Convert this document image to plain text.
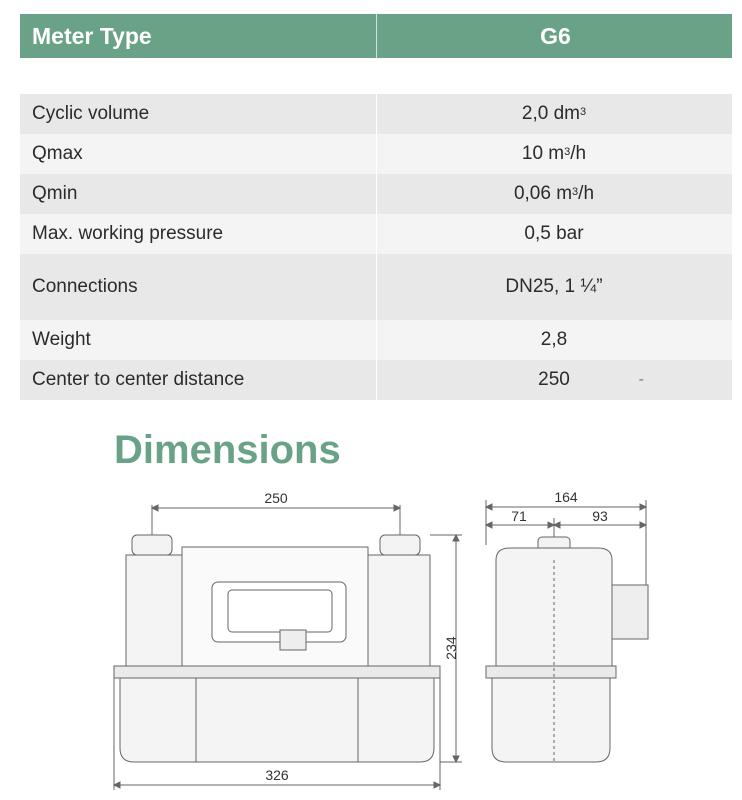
Meter Type	G6
Cyclic volume	2,0 $dm^3$
Qmax	10 $m^3$ /h
Qmin	0,06 $m^3$ /h
Max. working pressure	0,5 bar
Connections	DN25, 1 ¼”
Weight	2,8
Center to center distance	250	-
Dimensions
250
326
234
164
71	93
